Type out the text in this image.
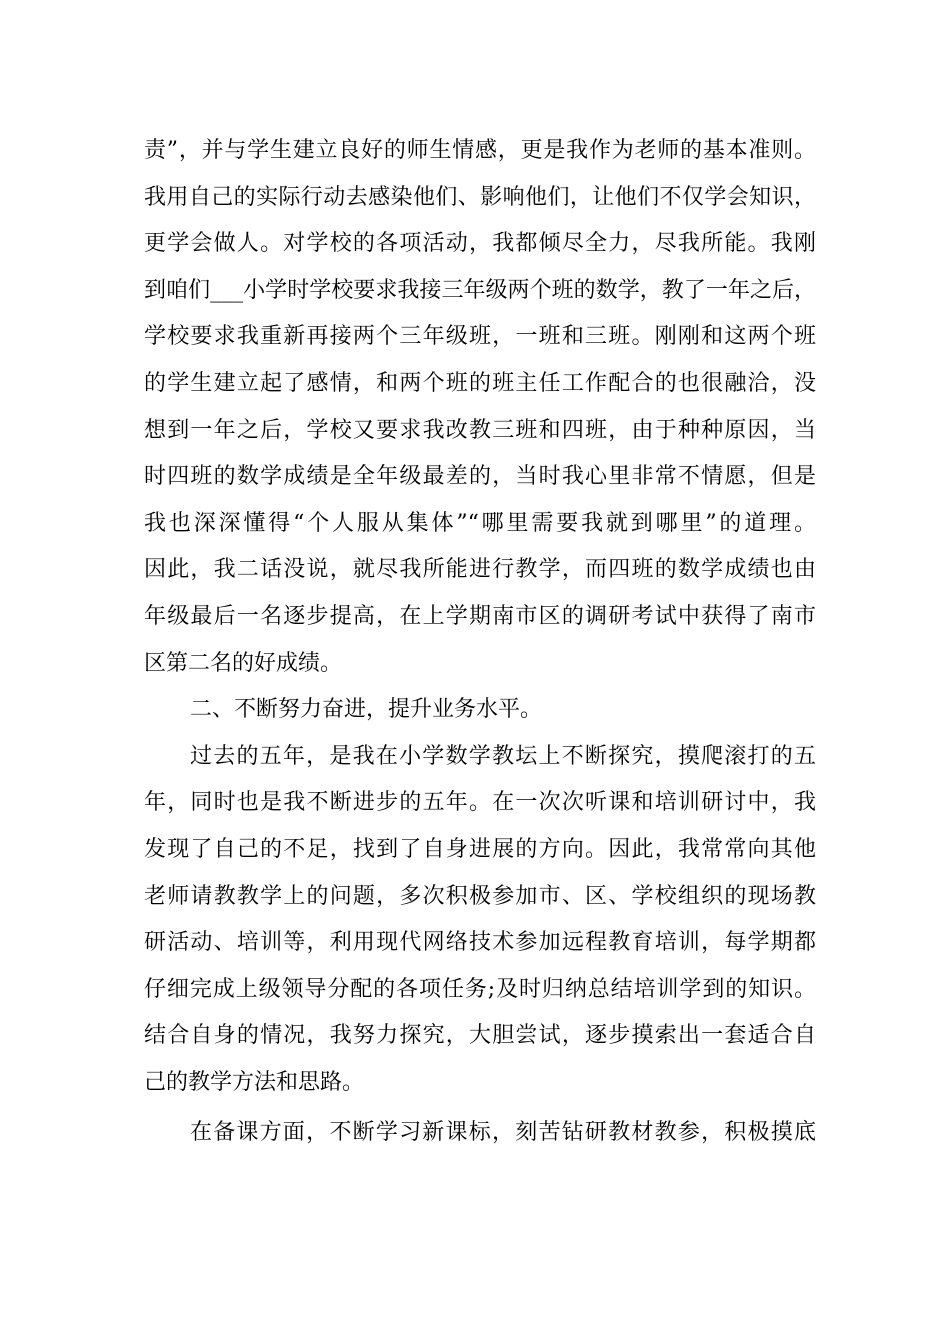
责”，并与学生建立良好的师生情感，更是我作为老师的基本准则。
我用自己的实际行动去感染他们、影响他们，让他们不仅学会知识，
更学会做人。对学校的各项活动，我都倾尽全力，尽我所能。我刚
到咱们___小学时学校要求我接三年级两个班的数学，教了一年之后，
学校要求我重新再接两个三年级班，一班和三班。刚刚和这两个班
的学生建立起了感情，和两个班的班主任工作配合的也很融洽，没
想到一年之后，学校又要求我改教三班和四班，由于种种原因，当
时四班的数学成绩是全年级最差的，当时我心里非常不情愿，但是
我也深深懂得“个人服从集体”“哪里需要我就到哪里”的道理。
因此，我二话没说，就尽我所能进行教学，而四班的数学成绩也由
年级最后一名逐步提高，在上学期南市区的调研考试中获得了南市
区第二名的好成绩。
二、不断努力奋进，提升业务水平。
过去的五年，是我在小学数学教坛上不断探究，摸爬滚打的五
年，同时也是我不断进步的五年。在一次次听课和培训研讨中，我
发现了自己的不足，找到了自身进展的方向。因此，我常常向其他
老师请教教学上的问题，多次积极参加市、区、学校组织的现场教
研活动、培训等，利用现代网络技术参加远程教育培训，每学期都
仔细完成上级领导分配的各项任务;及时归纳总结培训学到的知识。
结合自身的情况，我努力探究，大胆尝试，逐步摸索出一套适合自
己的教学方法和思路。
在备课方面，不断学习新课标，刻苦钻研教材教参，积极摸底
